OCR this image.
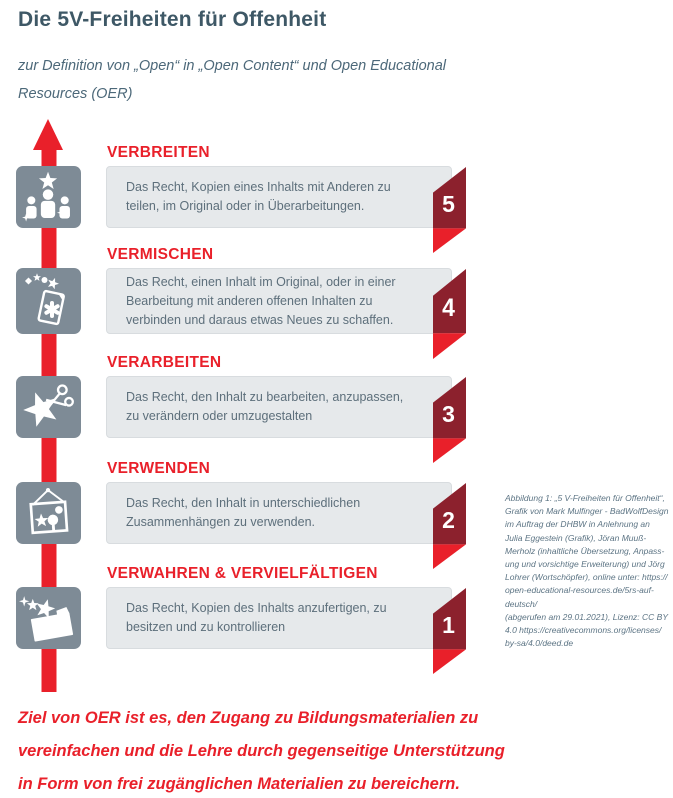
Die 5V-Freiheiten für Offenheit
zur Definition von „Open“ in „Open Content“ und Open Educational
Resources (OER)
VERBREITEN

Das Recht, Kopien eines Inhalts mit Anderen zu teilen, im Original oder in Überarbeitungen.	5
VERMISCHEN

Das Recht, einen Inhalt im Original, oder in einer Bearbeitung mit anderen offenen Inhalten zu verbinden und daraus etwas Neues zu schaffen.	4
VERARBEITEN

Das Recht, den Inhalt zu bearbeiten, anzupassen, zu verändern oder umzugestalten	3
VERWENDEN

Das Recht, den Inhalt in unterschiedlichen Zusammenhängen zu verwenden.	2
VERWAHREN & VERVIELFÄLTIGEN

Das Recht, Kopien des Inhalts anzufertigen, zu besitzen und zu kontrollieren	1
Abbildung 1: „5 V-Freiheiten für Offenheit“,
Grafik von Mark Mulfinger - BadWolfDesign
im Auftrag der DHBW in Anlehnung an
Julia Eggestein (Grafik), Jöran Muuß-
Merholz (inhaltliche Übersetzung, Anpass-
ung und vorsichtige Erweiterung) und Jörg
Lohrer (Wortschöpfer), online unter: https://
open-educational-resources.de/5rs-auf-
deutsch/
(abgerufen am 29.01.2021), Lizenz: CC BY
4.0 https://creativecommons.org/licenses/
by-sa/4.0/deed.de
Ziel von OER ist es, den Zugang zu Bildungsmaterialien zu
vereinfachen und die Lehre durch gegenseitige Unterstützung
in Form von frei zugänglichen Materialien zu bereichern.
